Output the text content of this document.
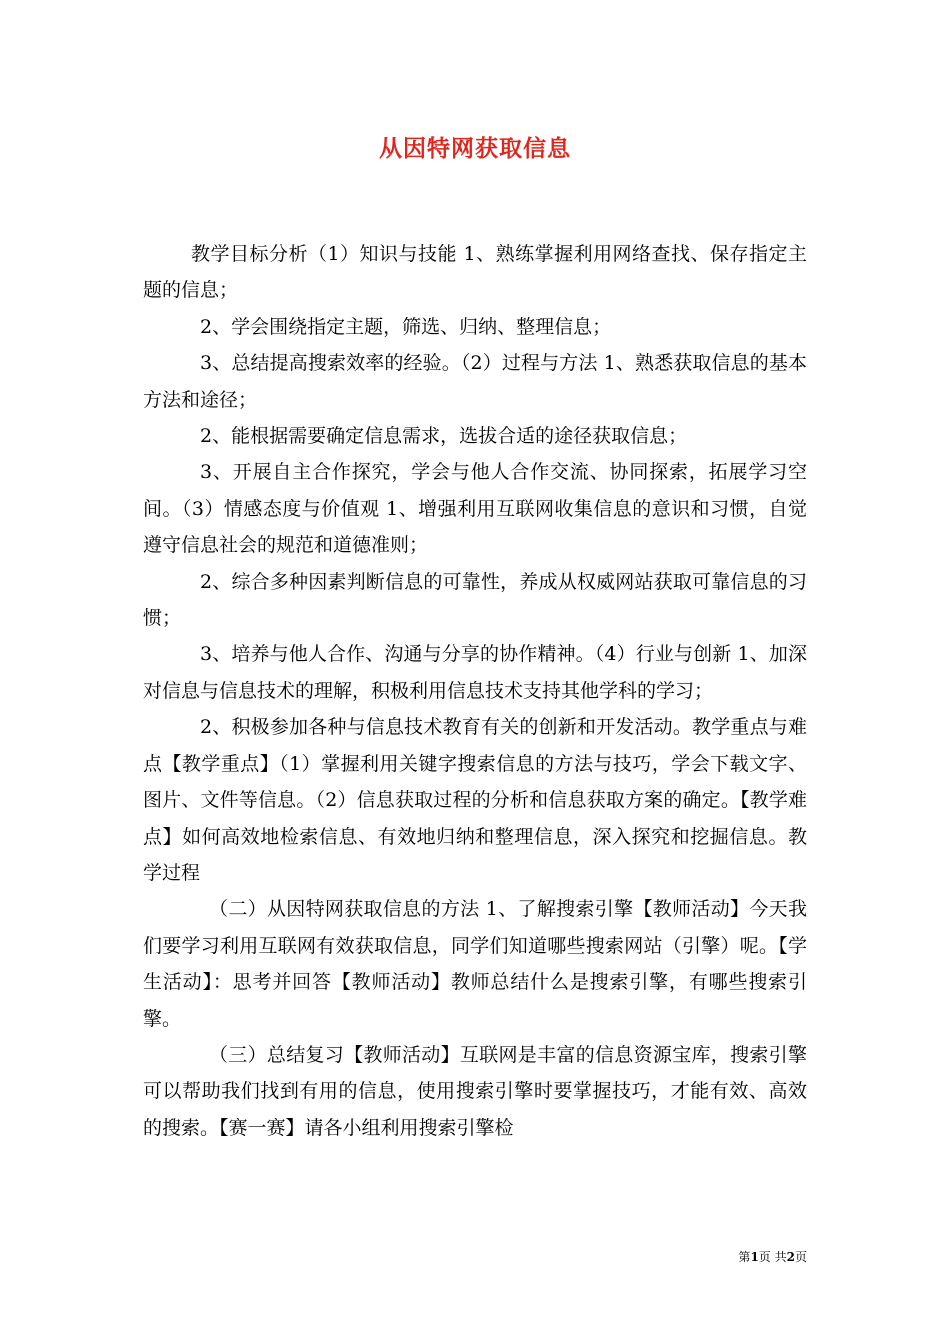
从因特网获取信息

教学目标分析（1）知识与技能 1、熟练掌握利用网络查找、保存指定主题的信息；

2、学会围绕指定主题，筛选、归纳、整理信息；

3、总结提高搜索效率的经验。（2）过程与方法 1、熟悉获取信息的基本方法和途径；

2、能根据需要确定信息需求，选拔合适的途径获取信息；

3、开展自主合作探究，学会与他人合作交流、协同探索，拓展学习空间。（3）情感态度与价值观 1、增强利用互联网收集信息的意识和习惯，自觉遵守信息社会的规范和道德准则；

2、综合多种因素判断信息的可靠性，养成从权威网站获取可靠信息的习惯；

3、培养与他人合作、沟通与分享的协作精神。（4）行业与创新 1、加深对信息与信息技术的理解，积极利用信息技术支持其他学科的学习；

2、积极参加各种与信息技术教育有关的创新和开发活动。教学重点与难点【教学重点】（1）掌握利用关键字搜索信息的方法与技巧，学会下载文字、图片、文件等信息。（2）信息获取过程的分析和信息获取方案的确定。【教学难点】如何高效地检索信息、有效地归纳和整理信息，深入探究和挖掘信息。教学过程

（二）从因特网获取信息的方法 1、了解搜索引擎【教师活动】今天我们要学习利用互联网有效获取信息，同学们知道哪些搜索网站（引擎）呢。【学生活动】：思考并回答【教师活动】教师总结什么是搜索引擎，有哪些搜索引擎。

（三）总结复习【教师活动】互联网是丰富的信息资源宝库，搜索引擎可以帮助我们找到有用的信息，使用搜索引擎时要掌握技巧，才能有效、高效的搜索。【赛一赛】请各小组利用搜索引擎检

第1页 共2页
